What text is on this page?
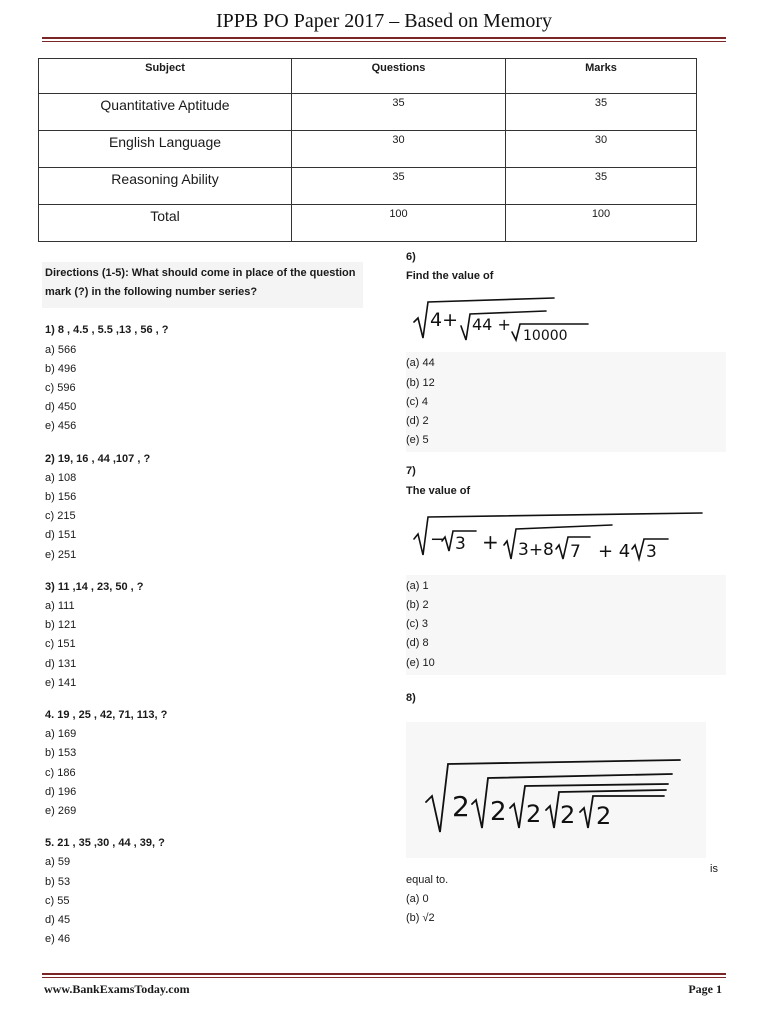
IPPB PO Paper 2017 – Based on Memory
Subject	Questions	Marks
Quantitative Aptitude	35	35
English Language	30	30
Reasoning Ability	35	35
Total	100	100
Directions (1-5): What should come in place of the question mark (?) in the following number series?
1) 8 , 4.5 , 5.5 ,13 , 56 , ?
a) 566
b) 496
c) 596
d) 450
e) 456
2) 19, 16 , 44 ,107 , ?
a) 108
b) 156
c) 215
d) 151
e) 251
3) 11 ,14 , 23, 50 , ?
a) 111
b) 121
c) 151
d) 131
e) 141
4. 19 , 25 , 42, 71, 113, ?
a) 169
b) 153
c) 186
d) 196
e) 269
5. 21 , 35 ,30 , 44 , 39, ?
a) 59
b) 53
c) 55
d) 45
e) 46
6)
Find the value of
4+ 44 +
10000
(a) 44
(b) 12
(c) 4
(d) 2
(e) 5
7)
The value of
− 3 + 3+8 7 + 4 3
(a) 1
(b) 2
(c) 3
(d) 8
(e) 10
8)
2 2 2 2 2
is
equal to.
(a) 0
(b) √2
www.BankExamsToday.com	Page 1
